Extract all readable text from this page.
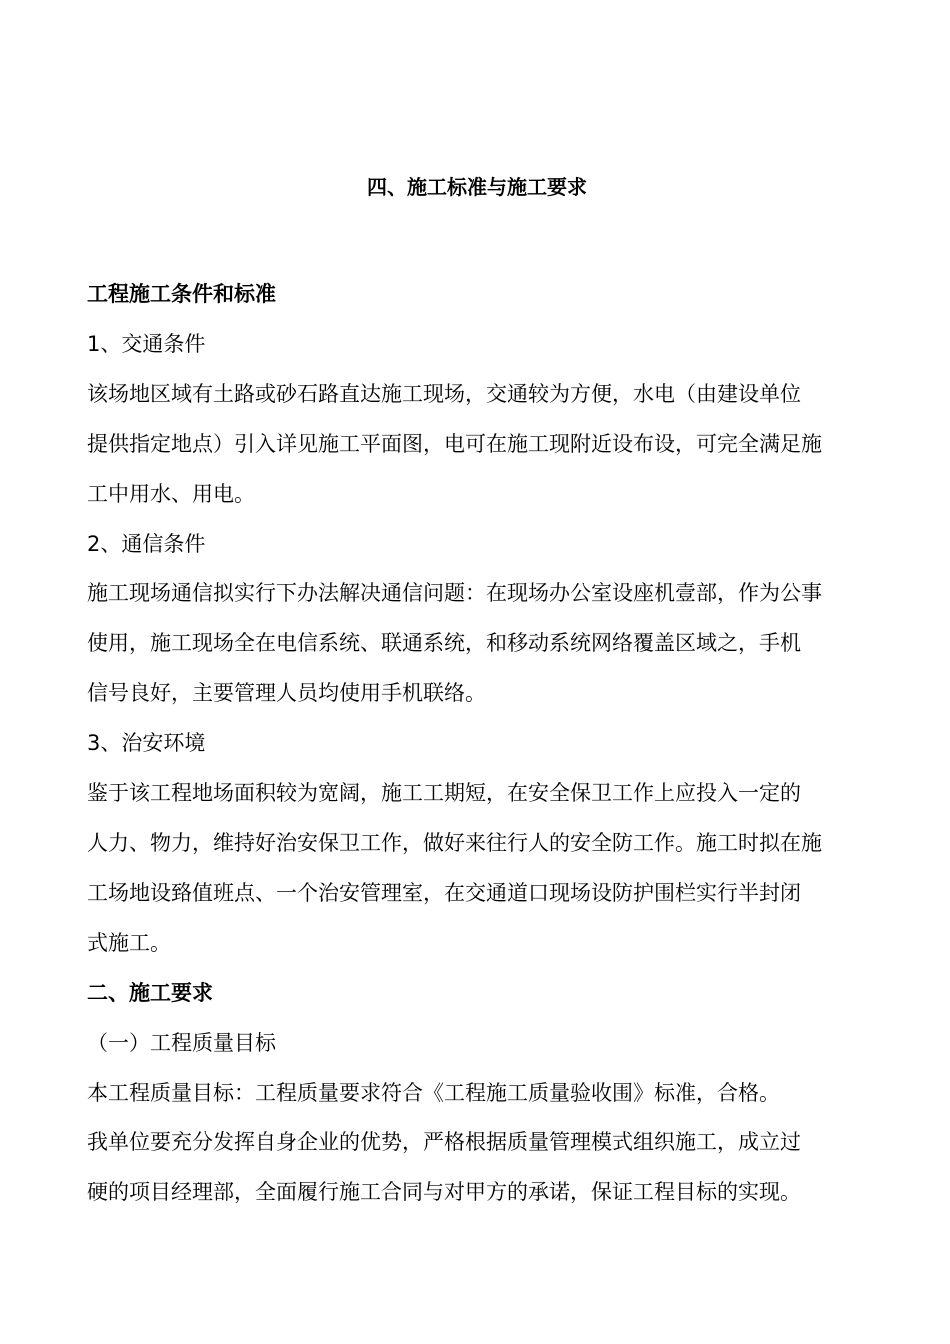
四、施工标准与施工要求

工程施工条件和标准

1、交通条件

该场地区域有土路或砂石路直达施工现场，交通较为方便，水电（由建设单位

提供指定地点）引入详见施工平面图，电可在施工现附近设布设，可完全满足施

工中用水、用电。

2、通信条件

施工现场通信拟实行下办法解决通信问题：在现场办公室设座机壹部，作为公事

使用，施工现场全在电信系统、联通系统，和移动系统网络覆盖区域之，手机

信号良好，主要管理人员均使用手机联络。

3、治安环境

鉴于该工程地场面积较为宽阔，施工工期短，在安全保卫工作上应投入一定的

人力、物力，维持好治安保卫工作，做好来往行人的安全防工作。施工时拟在施

工场地设臵值班点、一个治安管理室，在交通道口现场设防护围栏实行半封闭

式施工。

二、施工要求

（一）工程质量目标

本工程质量目标：工程质量要求符合《工程施工质量验收围》标准，合格。

我单位要充分发挥自身企业的优势，严格根据质量管理模式组织施工，成立过

硬的项目经理部，全面履行施工合同与对甲方的承诺，保证工程目标的实现。
